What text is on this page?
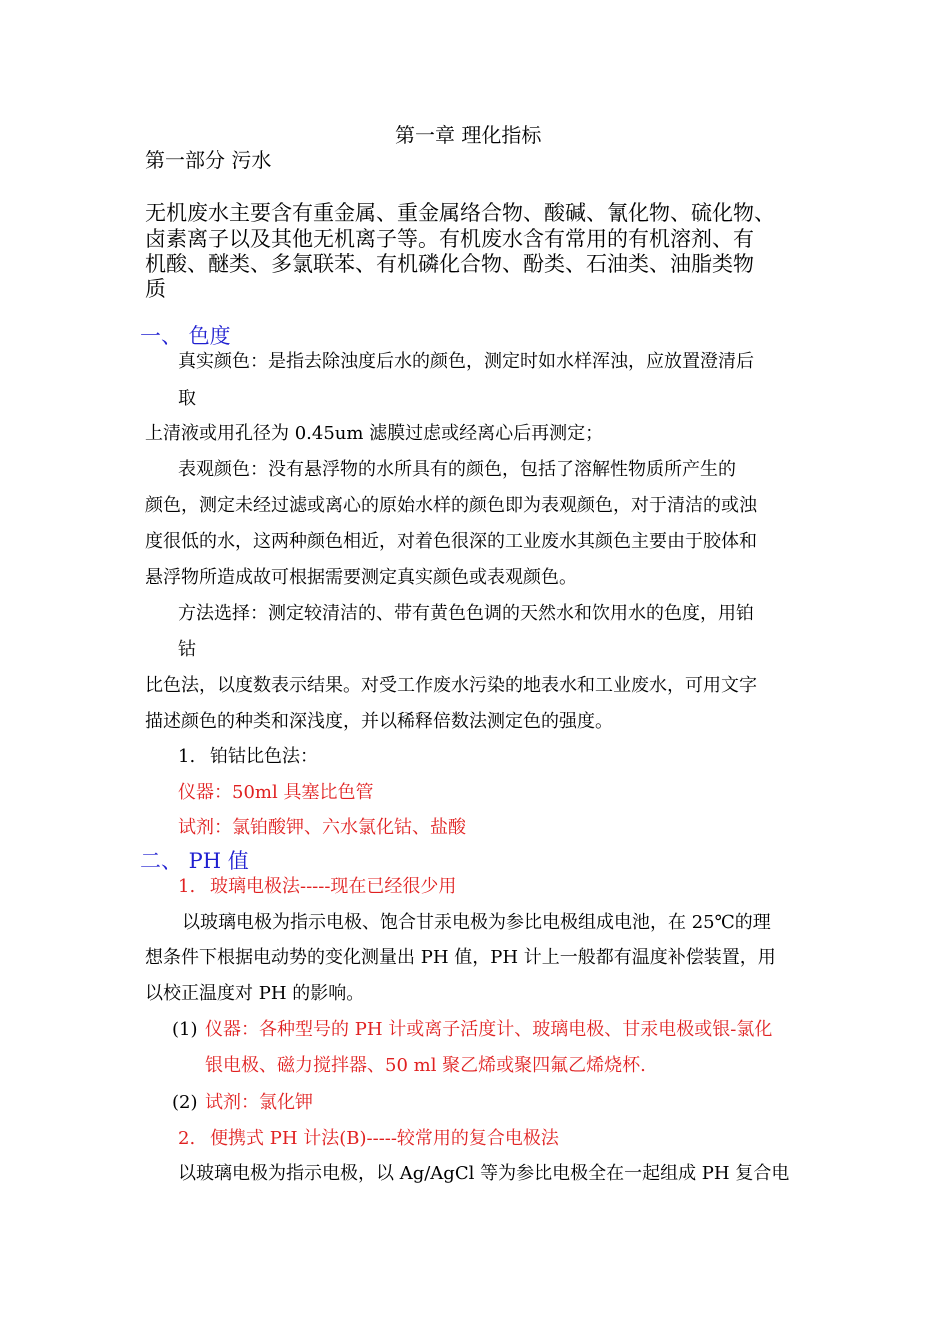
第一章 理化指标
第一部分 污水
无机废水主要含有重金属、重金属络合物、酸碱、氰化物、硫化物、
卤素离子以及其他无机离子等。有机废水含有常用的有机溶剂、有
机酸、醚类、多氯联苯、有机磷化合物、酚类、石油类、油脂类物
质
一、 色度
真实颜色：是指去除浊度后水的颜色，测定时如水样浑浊，应放置澄清后
取
上清液或用孔径为 0.45um 滤膜过虑或经离心后再测定；
表观颜色：没有悬浮物的水所具有的颜色，包括了溶解性物质所产生的
颜色，测定未经过滤或离心的原始水样的颜色即为表观颜色，对于清洁的或浊
度很低的水，这两种颜色相近，对着色很深的工业废水其颜色主要由于胶体和
悬浮物所造成故可根据需要测定真实颜色或表观颜色。
方法选择：测定较清洁的、带有黄色色调的天然水和饮用水的色度，用铂
钴
比色法，以度数表示结果。对受工作废水污染的地表水和工业废水，可用文字
描述颜色的种类和深浅度，并以稀释倍数法测定色的强度。
1. 铂钴比色法：
仪器：50ml 具塞比色管
试剂：氯铂酸钾、六水氯化钴、盐酸
二、 PH 值
1. 玻璃电极法-----现在已经很少用
以玻璃电极为指示电极、饱合甘汞电极为参比电极组成电池，在 25℃的理
想条件下根据电动势的变化测量出 PH 值，PH 计上一般都有温度补偿装置，用
以校正温度对 PH 的影响。
(1) 仪器：各种型号的 PH 计或离子活度计、玻璃电极、甘汞电极或银-氯化
银电极、磁力搅拌器、50 ml 聚乙烯或聚四氟乙烯烧杯.
(2) 试剂：氯化钾
2. 便携式 PH 计法(B)-----较常用的复合电极法
以玻璃电极为指示电极，以 Ag/AgCl 等为参比电极全在一起组成 PH 复合电
